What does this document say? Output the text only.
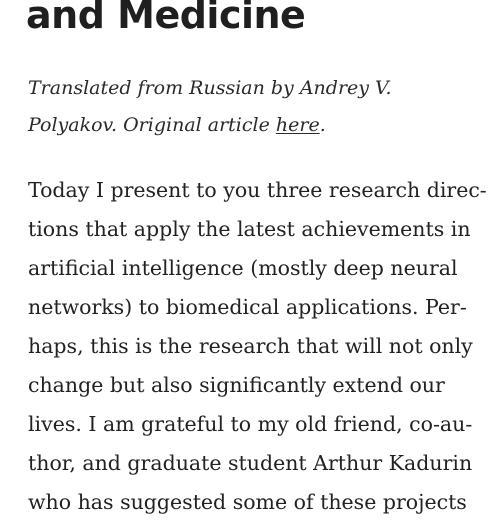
and Medicine

Translated from Russian by Andrey V.
Polyakov. Original article here.

Today I present to you three research direc-
tions that apply the latest achievements in
artificial intelligence (mostly deep neural
networks) to biomedical applications. Per-
haps, this is the research that will not only
change but also significantly extend our
lives. I am grateful to my old friend, co-au-
thor, and graduate student Arthur Kadurin
who has suggested some of these projects
